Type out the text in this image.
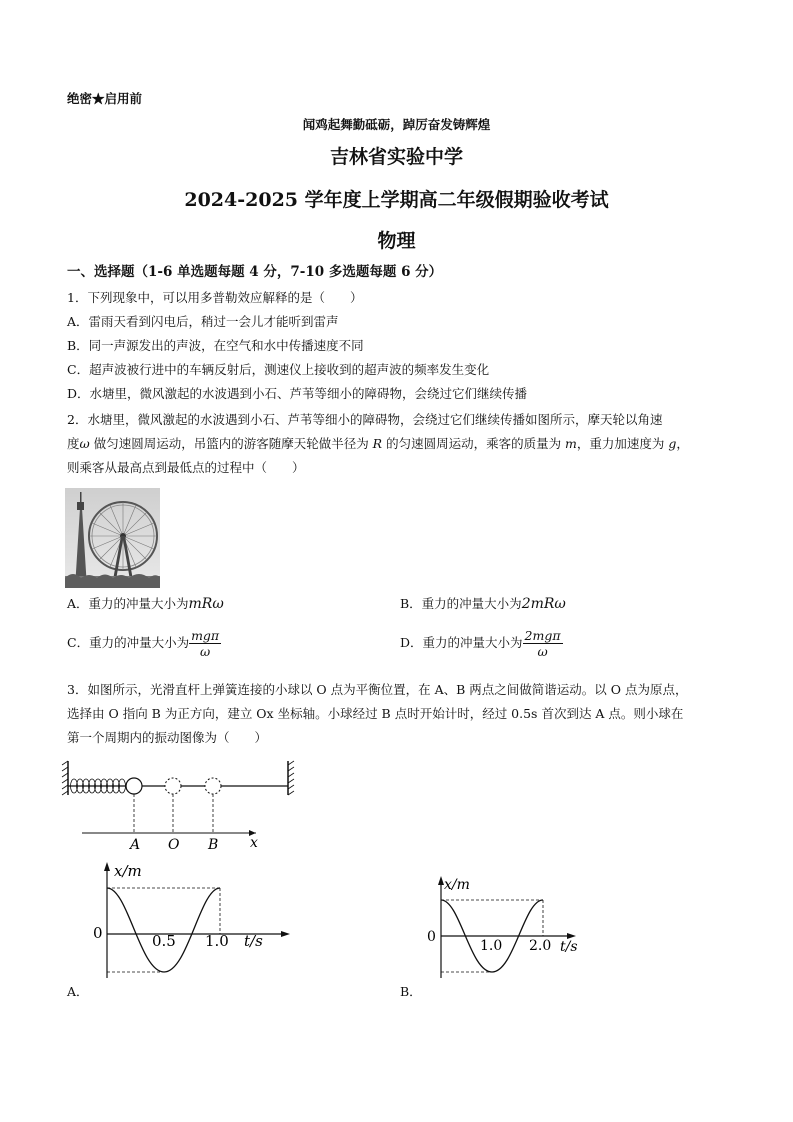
绝密★启用前
闻鸡起舞勤砥砺，踔厉奋发铸辉煌
吉林省实验中学
2024-2025 学年度上学期高二年级假期验收考试
物理
一、选择题（1-6 单选题每题 4 分，7-10 多选题每题 6 分）
1．下列现象中，可以用多普勒效应解释的是（　　）
A．雷雨天看到闪电后，稍过一会儿才能听到雷声
B．同一声源发出的声波，在空气和水中传播速度不同
C．超声波被行进中的车辆反射后，测速仪上接收到的超声波的频率发生变化
D．水塘里，微风激起的水波遇到小石、芦苇等细小的障碍物，会绕过它们继续传播
2．水塘里，微风激起的水波遇到小石、芦苇等细小的障碍物，会绕过它们继续传播如图所示，摩天轮以角速
度ω 做匀速圆周运动，吊篮内的游客随摩天轮做半径为 R 的匀速圆周运动，乘客的质量为 m，重力加速度为 g，
则乘客从最高点到最低点的过程中（　　）
A．重力的冲量大小为mRω	B．重力的冲量大小为2mRω
C．重力的冲量大小为 $\frac{\text{mgπ}}{\omega}$	D．重力的冲量大小为 $\frac{\text{2mgπ}}{\omega}$
3．如图所示，光滑直杆上弹簧连接的小球以 O 点为平衡位置，在 A、B 两点之间做简谐运动。以 O 点为原点，
选择由 O 指向 B 为正方向，建立 Ox 坐标轴。小球经过 B 点时开始计时，经过 0.5s 首次到达 A 点。则小球在
第一个周期内的振动图像为（　　）
A O B x
x/m
t/s
0	0.5 1.0
A．
x/m
t/s
0
1.0 2.0
B．
